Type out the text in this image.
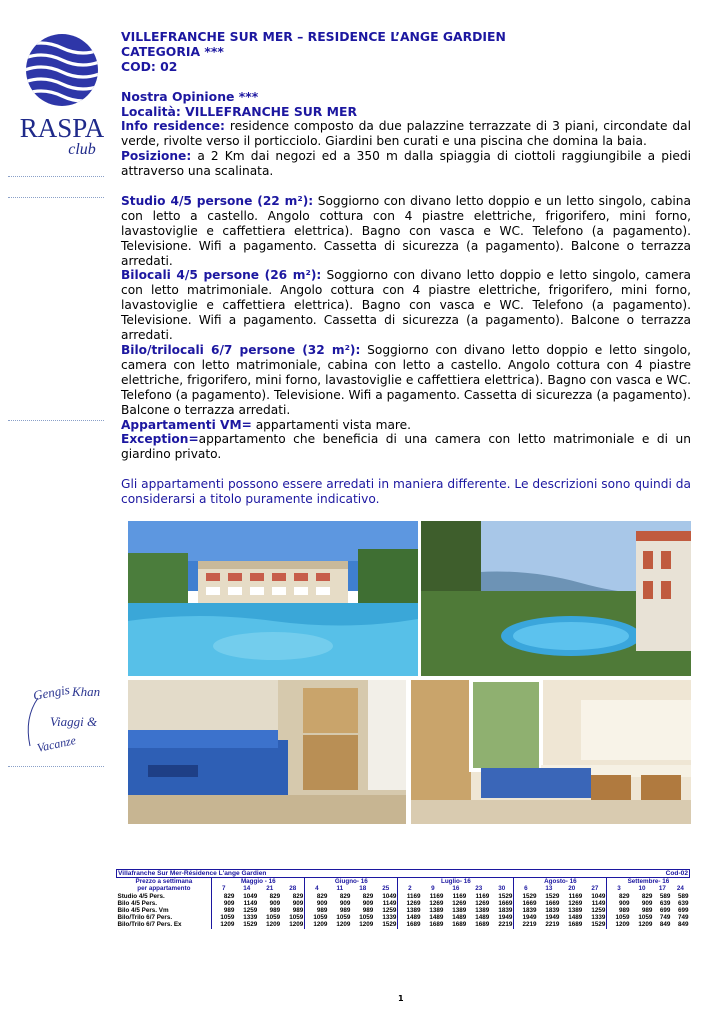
RASPA
club
Gengis Khan
Viaggi &
Vacanze
VILLEFRANCHE SUR MER – RESIDENCE L’ANGE GARDIEN
CATEGORIA ***
COD: 02
Nostra Opinione ***
Località: VILLEFRANCHE SUR MER
Info residence: residence composto da due palazzine terrazzate di 3 piani, circondate dal verde, rivolte verso il porticciolo. Giardini ben curati e una piscina che domina la baia.
Posizione: a 2 Km dai negozi ed a 350 m dalla spiaggia di ciottoli raggiungibile a piedi attraverso una scalinata.
Studio 4/5 persone (22 m²): Soggiorno con divano letto doppio e un letto singolo, cabina con letto a castello. Angolo cottura con 4 piastre elettriche, frigorifero, mini forno, lavastoviglie e caffettiera elettrica). Bagno con vasca e WC. Telefono (a pagamento). Televisione. Wifi a pagamento. Cassetta di sicurezza (a pagamento). Balcone o terrazza arredati.
Bilocali 4/5 persone (26 m²): Soggiorno con divano letto doppio e letto singolo, camera con letto matrimoniale. Angolo cottura con 4 piastre elettriche, frigorifero, mini forno, lavastoviglie e caffettiera elettrica). Bagno con vasca e WC. Telefono (a pagamento). Televisione. Wifi a pagamento. Cassetta di sicurezza (a pagamento). Balcone o terrazza arredati.
Bilo/trilocali 6/7 persone (32 m²): Soggiorno con divano letto doppio e letto singolo, camera con letto matrimoniale, cabina con letto a castello. Angolo cottura con 4 piastre elettriche, frigorifero, mini forno, lavastoviglie e caffettiera elettrica). Bagno con vasca e WC. Telefono (a pagamento). Televisione. Wifi a pagamento. Cassetta di sicurezza (a pagamento). Balcone o terrazza arredati.
Appartamenti VM= appartamenti vista mare.
Exception=appartamento che beneficia di una camera con letto matrimoniale e di un giardino privato.
Gli appartamenti possono essere arredati in maniera differente. Le descrizioni sono quindi da considerarsi a titolo puramente indicativo.
Villafranche Sur Mer-Résidence L'ange Gardien														Cod-02							
Prezzo a settimana	Maggio - 16				Giugno- 16				Luglio- 16					Agosto- 16				Settembre- 16			
per appartamento	7	14	21	28	4	11	18	25	2	9	16	23	30	6	13	20	27	3	10	17	24
Studio 4/5 Pers.	829	1049	829	829	829	829	829	1049	1169	1169	1169	1169	1529	1529	1529	1169	1049	829	829	589	589
Bilo 4/5 Pers.	909	1149	909	909	909	909	909	1149	1269	1269	1269	1269	1669	1669	1669	1269	1149	909	909	639	639
Bilo 4/5 Pers. Vm	989	1259	989	989	989	989	989	1259	1389	1389	1389	1389	1839	1839	1839	1389	1259	989	989	699	699
Bilo/Trilo 6/7 Pers.	1059	1339	1059	1059	1059	1059	1059	1339	1489	1489	1489	1489	1949	1949	1949	1489	1339	1059	1059	749	749
Bilo/Trilo 6/7 Pers. Ex	1209	1529	1209	1209	1209	1209	1209	1529	1689	1689	1689	1689	2219	2219	2219	1689	1529	1209	1209	849	849
1
